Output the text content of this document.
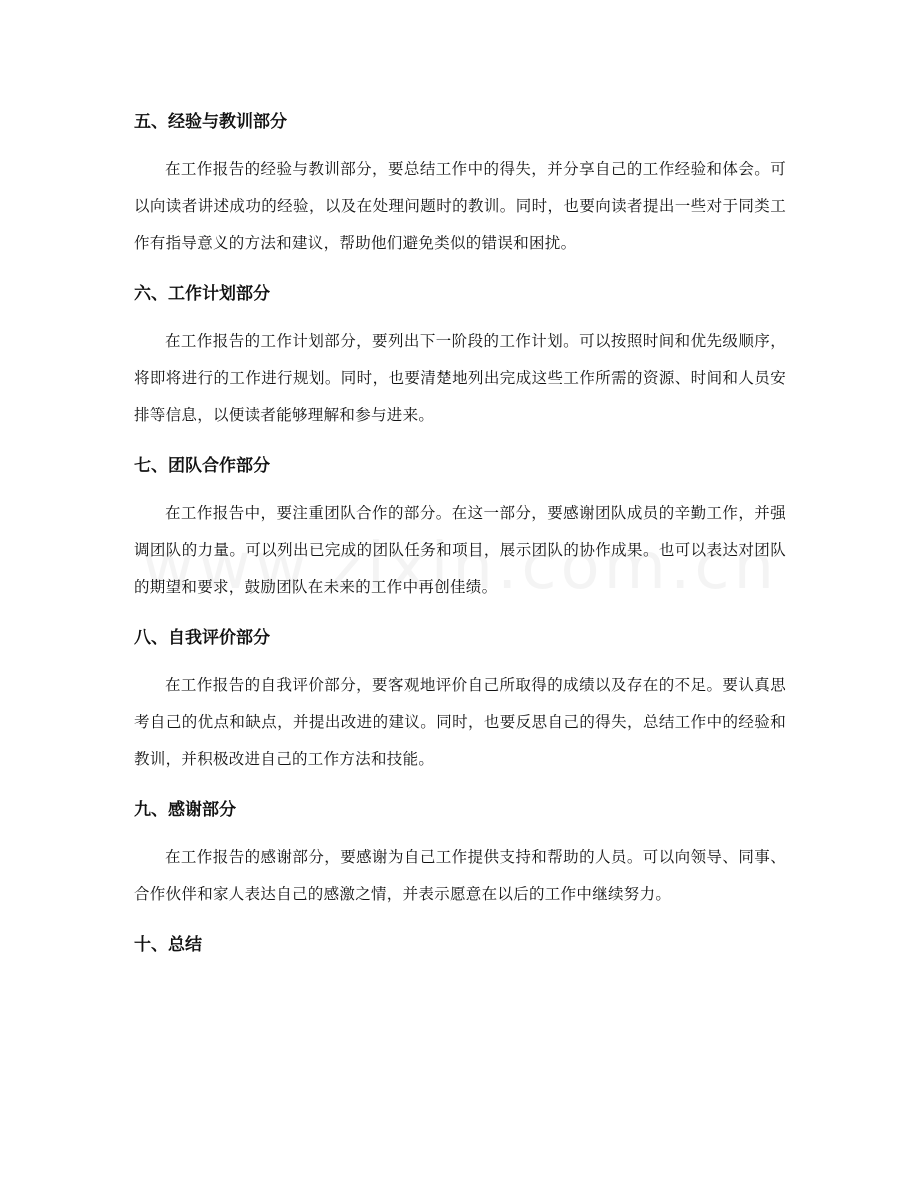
五、经验与教训部分

在工作报告的经验与教训部分，要总结工作中的得失，并分享自己的工作经验和体会。可以向读者讲述成功的经验，以及在处理问题时的教训。同时，也要向读者提出一些对于同类工作有指导意义的方法和建议，帮助他们避免类似的错误和困扰。

六、工作计划部分

在工作报告的工作计划部分，要列出下一阶段的工作计划。可以按照时间和优先级顺序，将即将进行的工作进行规划。同时，也要清楚地列出完成这些工作所需的资源、时间和人员安排等信息，以便读者能够理解和参与进来。

七、团队合作部分

在工作报告中，要注重团队合作的部分。在这一部分，要感谢团队成员的辛勤工作，并强调团队的力量。可以列出已完成的团队任务和项目，展示团队的协作成果。也可以表达对团队的期望和要求，鼓励团队在未来的工作中再创佳绩。

八、自我评价部分

在工作报告的自我评价部分，要客观地评价自己所取得的成绩以及存在的不足。要认真思考自己的优点和缺点，并提出改进的建议。同时，也要反思自己的得失，总结工作中的经验和教训，并积极改进自己的工作方法和技能。

九、感谢部分

在工作报告的感谢部分，要感谢为自己工作提供支持和帮助的人员。可以向领导、同事、合作伙伴和家人表达自己的感激之情，并表示愿意在以后的工作中继续努力。

十、总结
